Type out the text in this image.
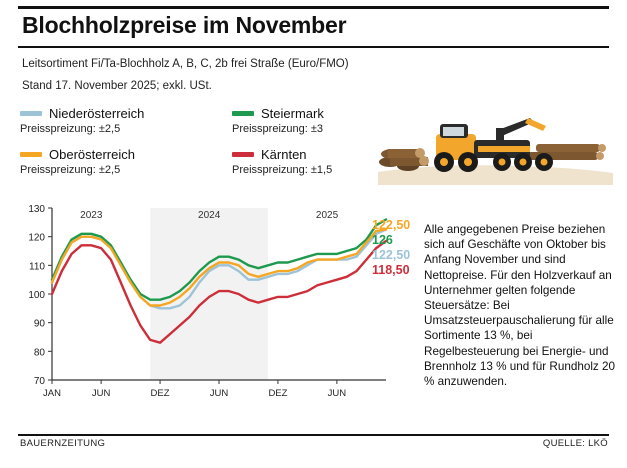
Blochholzpreise im November
Leitsortiment Fi/Ta-Blochholz A, B, C, 2b frei Straße (Euro/FMO)
Stand 17. November 2025; exkl. USt.
Niederösterreich
Preisspreizung: ±2,5
Oberösterreich
Preisspreizung: ±2,5
Steiermark
Preisspreizung: ±3
Kärnten
Preisspreizung: ±1,5
70
80
90
100
110
120
130
JAN	JUN	DEZ	JUN	DEZ	JUN
2023	2024	2025
122,50
126
122,50
118,50
Alle angegebenen Preise beziehen sich auf Geschäfte von Oktober bis Anfang November und sind Nettopreise. Für den Holzverkauf an Unternehmer gelten folgende Steuersätze: Bei Umsatzsteuerpauschalierung für alle Sortimente 13 %, bei Regelbesteuerung bei Energie- und Brennholz 13 % und für Rundholz 20 % anzuwenden.
BAUERNZEITUNG	QUELLE: LKÖ
